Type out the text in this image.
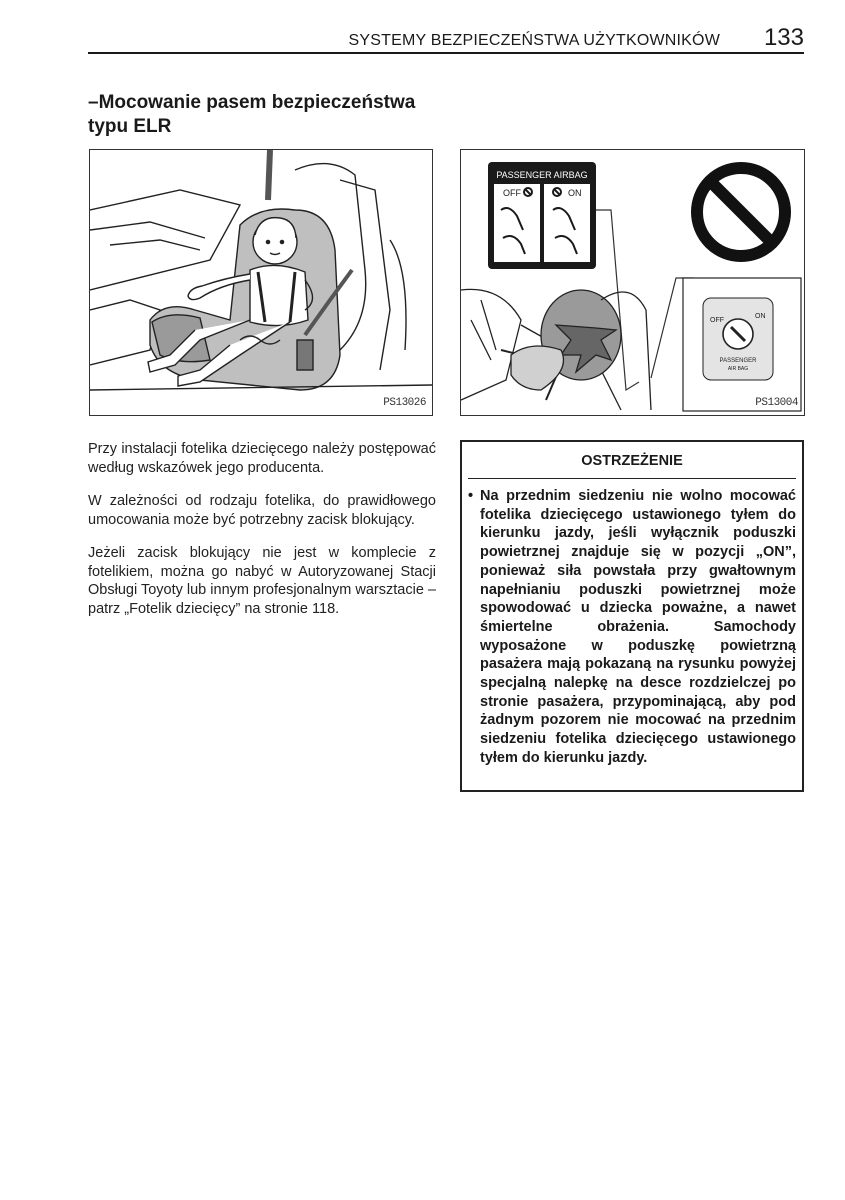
SYSTEMY BEZPIECZEŃSTWA UŻYTKOWNIKÓW 133
–Mocowanie pasem bezpieczeństwa typu ELR
PS13026
PASSENGER AIRBAG
OFF	ON
OFF
ON
PASSENGER
AIR BAG
PS13004

Przy instalacji fotelika dziecięcego należy postępować według wskazówek jego producenta.

W zależności od rodzaju fotelika, do prawidłowego umocowania może być potrzebny zacisk blokujący.

Jeżeli zacisk blokujący nie jest w komplecie z fotelikiem, można go nabyć w Autoryzowanej Stacji Obsługi Toyoty lub innym profesjonalnym warsztacie – patrz „Fotelik dziecięcy” na stronie 118.

OSTRZEŻENIE
• Na przednim siedzeniu nie wolno mocować fotelika dziecięcego ustawionego tyłem do kierunku jazdy, jeśli wyłącznik poduszki powietrznej znajduje się w pozycji „ON”, ponieważ siła powstała przy gwałtownym napełnianiu poduszki powietrznej może spowodować u dziecka poważne, a nawet śmiertelne obrażenia. Samochody wyposażone w poduszkę powietrzną pasażera mają pokazaną na rysunku powyżej specjalną nalepkę na desce rozdzielczej po stronie pasażera, przypominającą, aby pod żadnym pozorem nie mocować na przednim siedzeniu fotelika dziecięcego ustawionego tyłem do kierunku jazdy.
